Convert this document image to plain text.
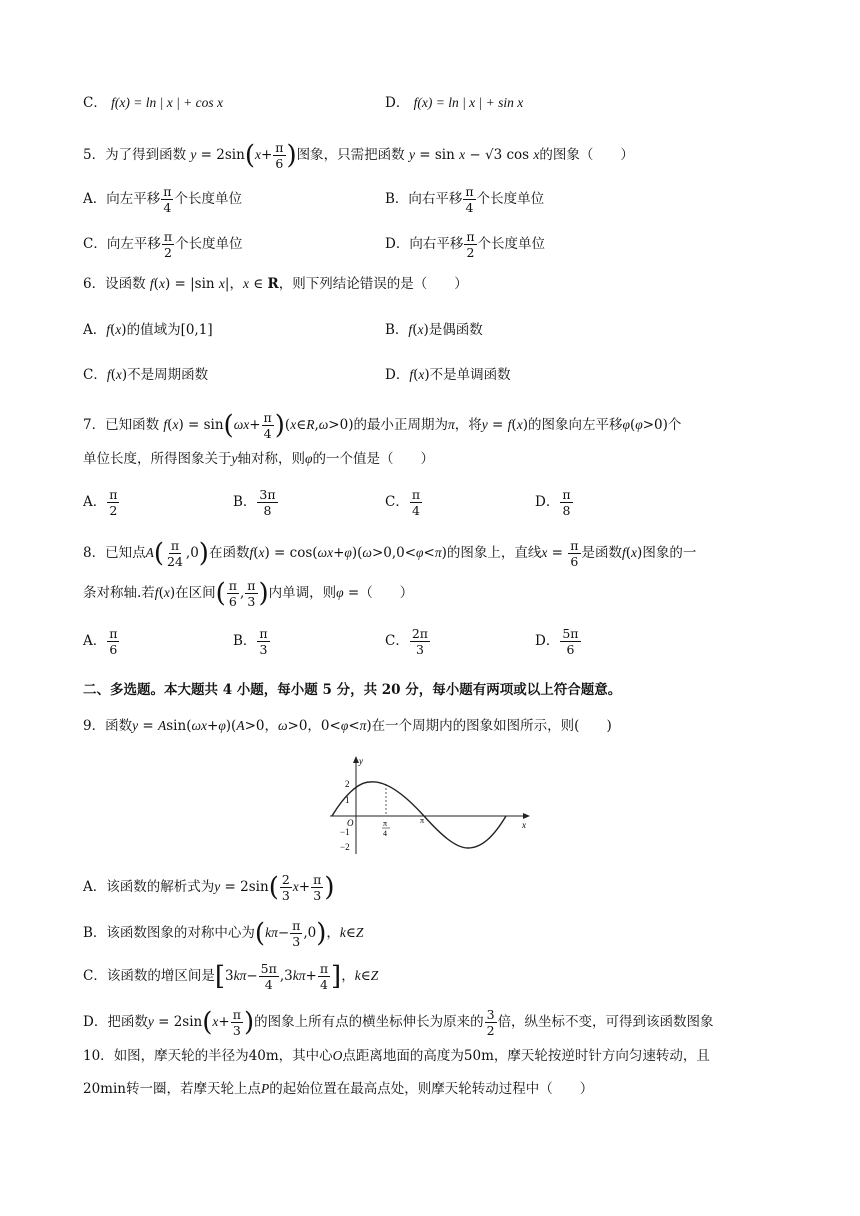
C． f(x) = ln | x | + cos x	D． f(x) = ln | x | + sin x
5．为了得到函数 $y = 2\sin(x+ \frac{\pi}{6}$ )图象，只需把函数 y = sin x − √3 cos x的图象（　　）
A．向左平移 $\frac{\pi}{4}$ 个长度单位	B．向右平移 $\frac{\pi}{4}$ 个长度单位
C．向左平移 $\frac{\pi}{2}$ 个长度单位	D．向右平移 $\frac{\pi}{2}$ 个长度单位
6．设函数 f(x) = |sin x|，x ∈ R，则下列结论错误的是（　　）
A．f(x)的值域为[0,1]	B．f(x)是偶函数
C．f(x)不是周期函数	D．f(x)不是单调函数
7．已知函数 $f(x) = \sin(\omega x+ \frac{\pi}{4}$ )(x∈R,ω>0)的最小正周期为π，将y = f(x)的图象向左平移φ(φ>0)个
单位长度，所得图象关于y轴对称，则φ的一个值是（　　）
A． $\frac{\pi}{2}$	B． $\frac{3\pi}{8}$	C． $\frac{\pi}{4}$	D． $\frac{\pi}{8}$
8．已知点$A( \frac{\pi}{24} ,0)$在函数f(x) = cos(ωx+φ)(ω>0,0<φ<π)的图象上，直线$x = \frac{\pi}{6}$ 是函数f(x)图象的一
条对称轴.若f(x)在区间( $\frac{\pi}{6}$ , $\frac{\pi}{3}$ )内单调，则φ =（　　）
A． $\frac{\pi}{6}$	B． $\frac{\pi}{3}$	C． $\frac{2\pi}{3}$	D． $\frac{5\pi}{6}$
二、多选题。本大题共 4 小题，每小题 5 分，共 20 分，每小题有两项或以上符合题意。
9．函数y = Asin(ωx+φ)(A>0，ω>0，0<φ<π)在一个周期内的图象如图所示，则(　　)
y
x
O
2
1
−1
−2
π
4
π
A．该函数的解析式为$y = 2\sin( \frac{2}{3} x+ \frac{\pi}{3}$ )
B．该函数图象的对称中心为$(k\pi- \frac{\pi}{3} ,0)$，k∈Z
C．该函数的增区间是[$3k\pi- \frac{5\pi}{4} ,3k\pi+ \frac{\pi}{4}$ ]，k∈Z
D．把函数$y = 2\sin(x+ \frac{\pi}{3}$ )的图象上所有点的横坐标伸长为原来的 $\frac{3}{2}$ 倍，纵坐标不变，可得到该函数图象
10．如图，摩天轮的半径为40m，其中心O点距离地面的高度为50m，摩天轮按逆时针方向匀速转动，且
20min转一圈，若摩天轮上点P的起始位置在最高点处，则摩天轮转动过程中（　　）
